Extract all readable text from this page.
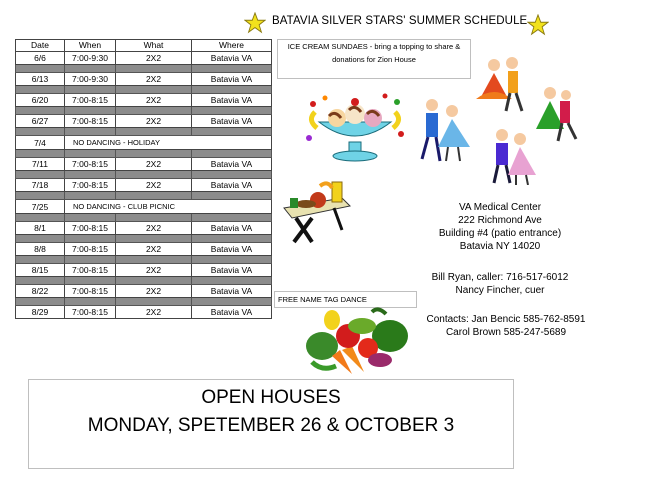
BATAVIA SILVER STARS' SUMMER SCHEDULE
Date	When	What	Where
6/6	7:00-9:30	2X2	Batavia VA

6/13	7:00-9:30	2X2	Batavia VA

6/20	7:00-8:15	2X2	Batavia VA

6/27	7:00-8:15	2X2	Batavia VA

7/4	NO DANCING - HOLIDAY		

7/11	7:00-8:15	2X2	Batavia VA

7/18	7:00-8:15	2X2	Batavia VA

7/25	NO DANCING - CLUB PICNIC		

8/1	7:00-8:15	2X2	Batavia VA

8/8	7:00-8:15	2X2	Batavia VA

8/15	7:00-8:15	2X2	Batavia VA

8/22	7:00-8:15	2X2	Batavia VA

8/29	7:00-8:15	2X2	Batavia VA
ICE CREAM SUNDAES - bring a topping to share &
donations for Zion House
FREE NAME TAG DANCE
VA Medical Center
222 Richmond Ave
Building #4 (patio entrance)
Batavia NY 14020
Bill Ryan, caller: 716-517-6012
Nancy Fincher, cuer
Contacts: Jan Bencic 585-762-8591
Carol Brown 585-247-5689
OPEN HOUSES
MONDAY, SPETEMBER 26 & OCTOBER 3
